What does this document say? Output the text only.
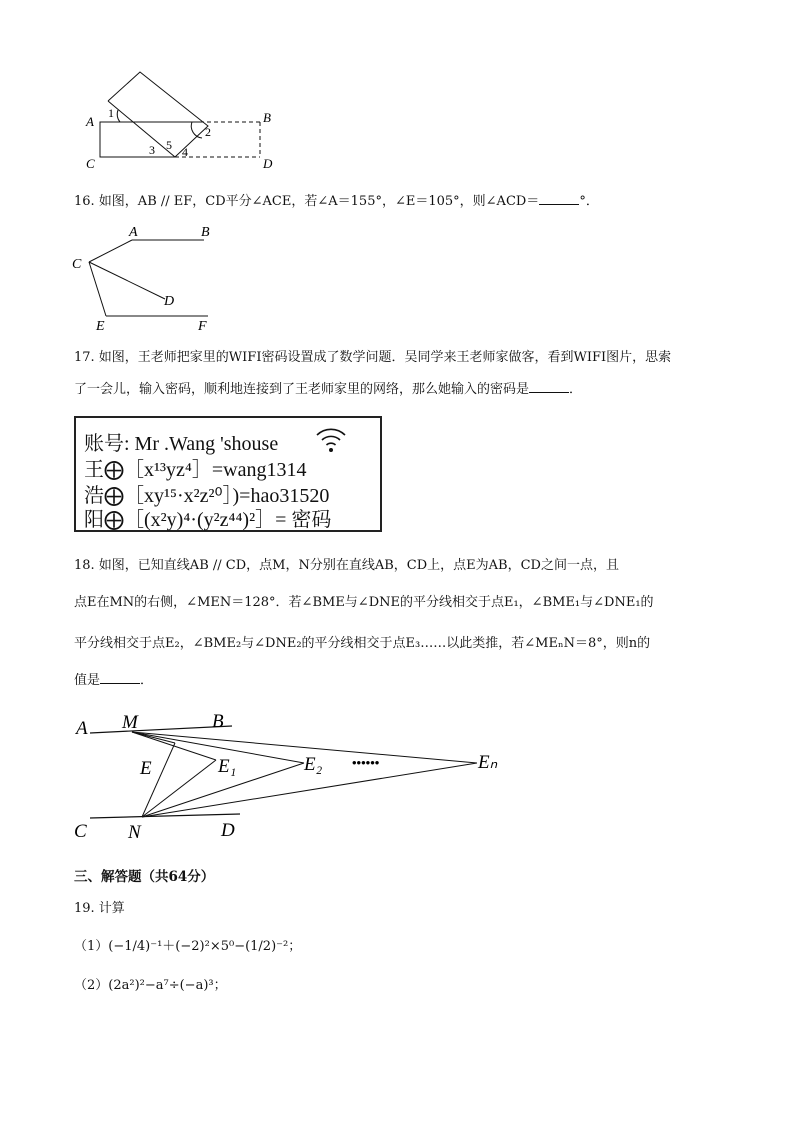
A	B
C	D
1
2
3 5 4
16. 如图，AB // EF，CD平分∠ACE，若∠A＝155°，∠E＝105°，则∠ACD＝	°．
A	B
C
D
E	F
17. 如图，王老师把家里的WIFI密码设置成了数学问题．吴同学来王老师家做客，看到WIFI图片，思索
了一会儿，输入密码，顺利地连接到了王老师家里的网络，那么她输入的密码是	．
账号: Mr .Wang 'shouse
王⨁［x¹³yz⁴］=wang1314
浩⨁［xy¹⁵·x²z²⁰］)=hao31520
阳⨁［(x²y)⁴·(y²z⁴⁴)²］= 密码
18. 如图，已知直线AB // CD，点M，N分别在直线AB，CD上，点E为AB，CD之间一点，且
点E在MN的右侧，∠MEN＝128°．若∠BME与∠DNE的平分线相交于点E₁，∠BME₁与∠DNE₁的
平分线相交于点E₂，∠BME₂与∠DNE₂的平分线相交于点E₃……以此类推，若∠MEₙN＝8°，则n的
值是	．
A M	B
E	E₁	E₂ ••••••	Eₙ
C N	D
三、解答题（共64分）
19. 计算
（1）(−1/4)⁻¹＋(−2)²×5⁰−(1/2)⁻²；
（2）(2a²)²−a⁷÷(−a)³；
